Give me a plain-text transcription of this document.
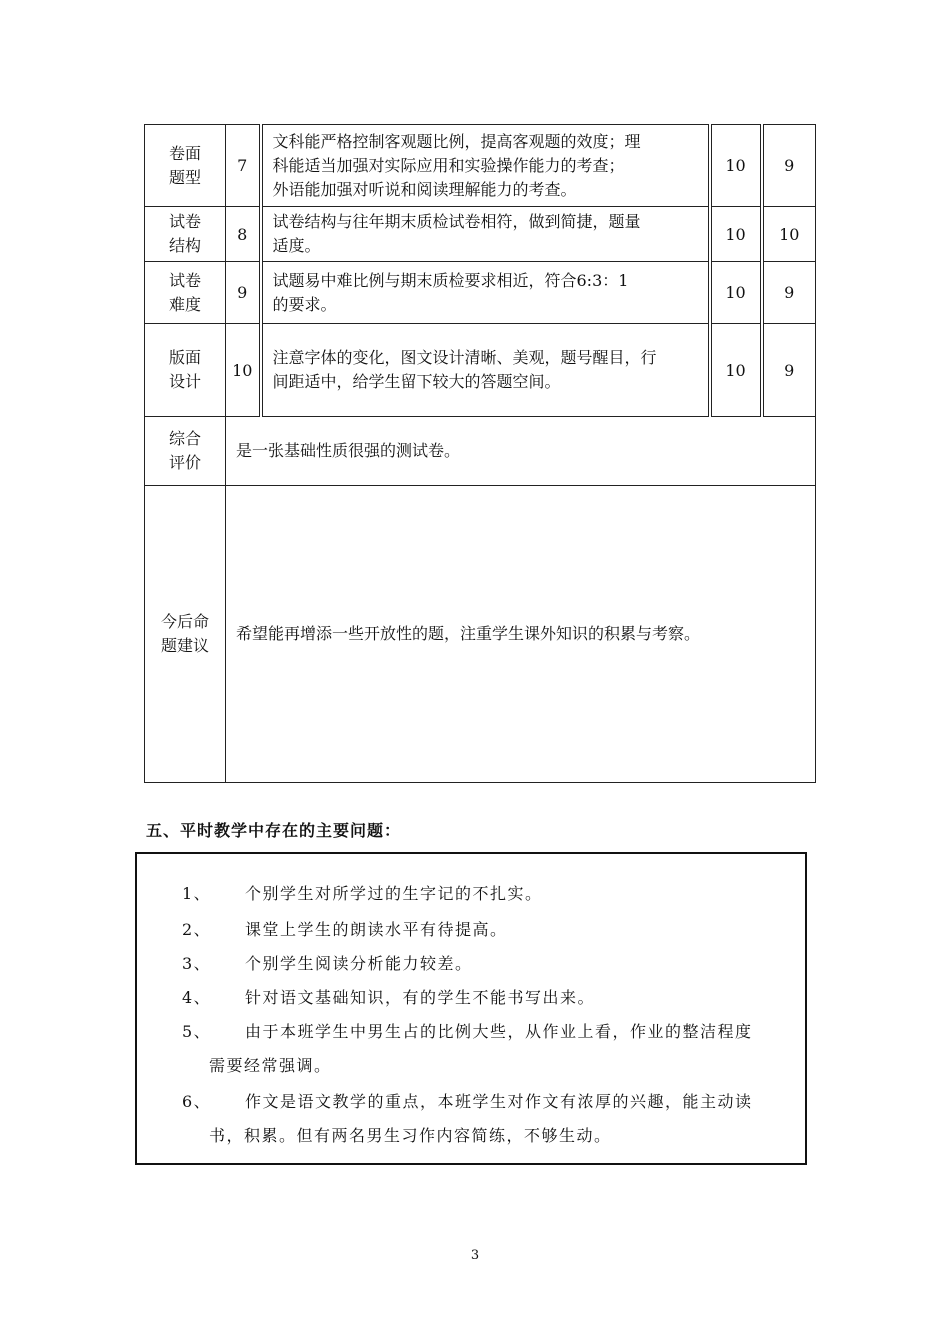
卷面
题型	7	文科能严格控制客观题比例，提高客观题的效度；理
科能适当加强对实际应用和实验操作能力的考查；
外语能加强对听说和阅读理解能力的考查。	10	9
试卷
结构	8	试卷结构与往年期末质检试卷相符，做到简捷，题量
适度。	10	10
试卷
难度	9	试题易中难比例与期末质检要求相近，符合6:3：1
的要求。	10	9
版面
设计	10	注意字体的变化，图文设计清晰、美观，题号醒目，行
间距适中，给学生留下较大的答题空间。	10	9
综合
评价	是一张基础性质很强的测试卷。			
今后命
题建议	希望能再增添一些开放性的题，注重学生课外知识的积累与考察。			
五、平时教学中存在的主要问题：
1、 个别学生对所学过的生字记的不扎实。
2、 课堂上学生的朗读水平有待提高。
3、 个别学生阅读分析能力较差。
4、 针对语文基础知识，有的学生不能书写出来。
5、 由于本班学生中男生占的比例大些，从作业上看，作业的整洁程度
需要经常强调。
6、 作文是语文教学的重点，本班学生对作文有浓厚的兴趣，能主动读
书，积累。但有两名男生习作内容简练，不够生动。
3
